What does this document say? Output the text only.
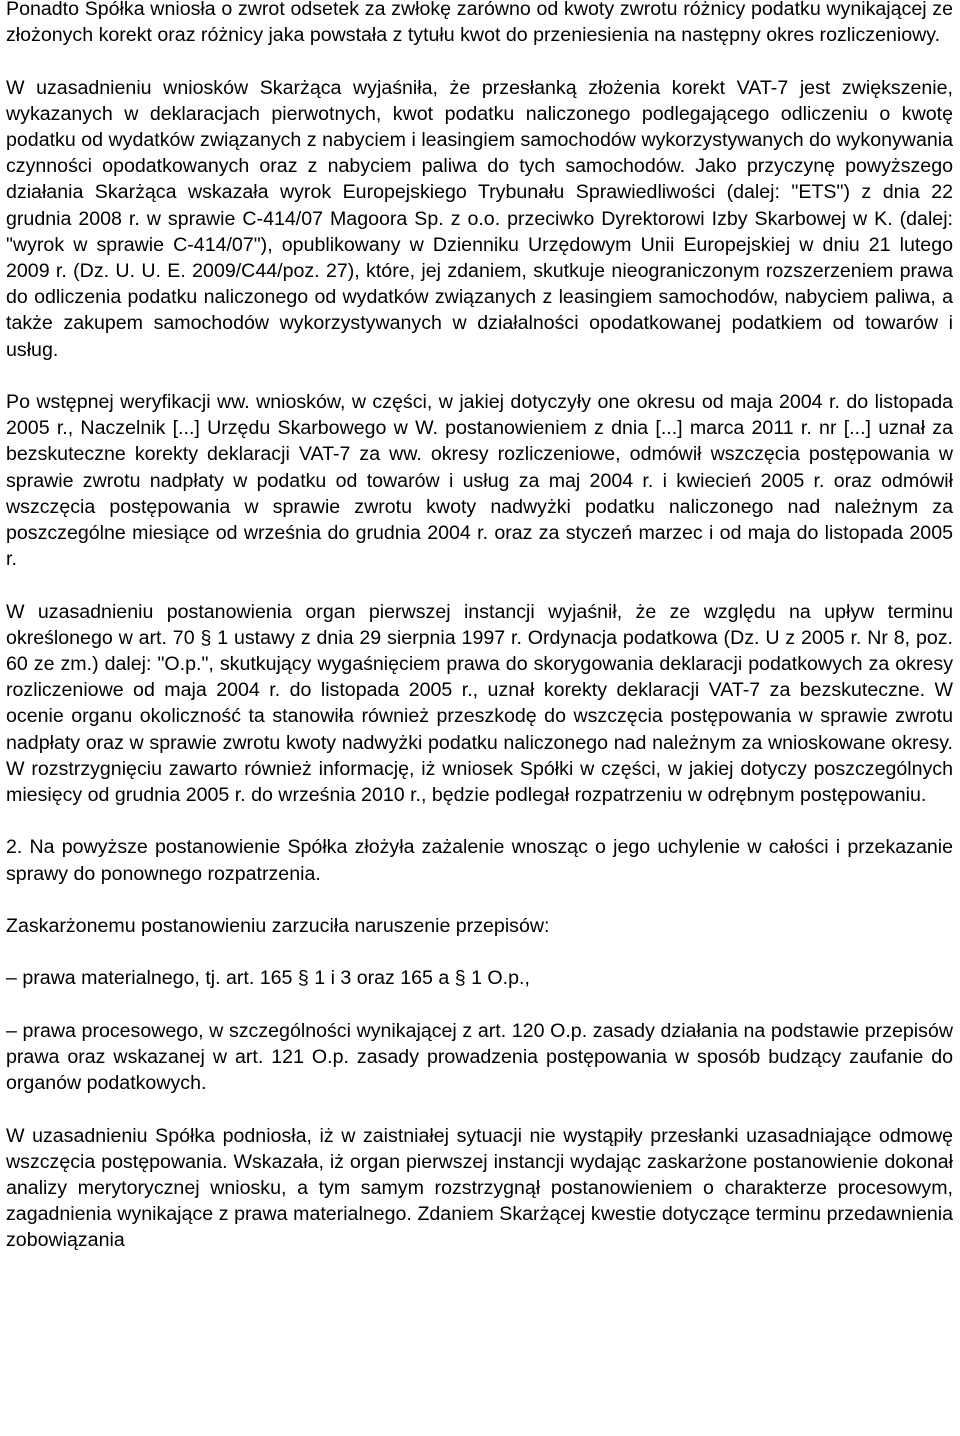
Ponadto Spółka wniosła o zwrot odsetek za zwłokę zarówno od kwoty zwrotu różnicy podatku wynikającej ze złożonych korekt oraz różnicy jaka powstała z tytułu kwot do przeniesienia na następny okres rozliczeniowy.

W uzasadnieniu wniosków Skarżąca wyjaśniła, że przesłanką złożenia korekt VAT-7 jest zwiększenie, wykazanych w deklaracjach pierwotnych, kwot podatku naliczonego podlegającego odliczeniu o kwotę podatku od wydatków związanych z nabyciem i leasingiem samochodów wykorzystywanych do wykonywania czynności opodatkowanych oraz z nabyciem paliwa do tych samochodów. Jako przyczynę powyższego działania Skarżąca wskazała wyrok Europejskiego Trybunału Sprawiedliwości (dalej: "ETS") z dnia 22 grudnia 2008 r. w sprawie C-414/07 Magoora Sp. z o.o. przeciwko Dyrektorowi Izby Skarbowej w K. (dalej: "wyrok w sprawie C-414/07"), opublikowany w Dzienniku Urzędowym Unii Europejskiej w dniu 21 lutego 2009 r. (Dz. U. U. E. 2009/C44/poz. 27), które, jej zdaniem, skutkuje nieograniczonym rozszerzeniem prawa do odliczenia podatku naliczonego od wydatków związanych z leasingiem samochodów, nabyciem paliwa, a także zakupem samochodów wykorzystywanych w działalności opodatkowanej podatkiem od towarów i usług.

Po wstępnej weryfikacji ww. wniosków, w części, w jakiej dotyczyły one okresu od maja 2004 r. do listopada 2005 r., Naczelnik [...] Urzędu Skarbowego w W. postanowieniem z dnia [...] marca 2011 r. nr [...] uznał za bezskuteczne korekty deklaracji VAT-7 za ww. okresy rozliczeniowe, odmówił wszczęcia postępowania w sprawie zwrotu nadpłaty w podatku od towarów i usług za maj 2004 r. i kwiecień 2005 r. oraz odmówił wszczęcia postępowania w sprawie zwrotu kwoty nadwyżki podatku naliczonego nad należnym za poszczególne miesiące od września do grudnia 2004 r. oraz za styczeń marzec i od maja do listopada 2005 r.

W uzasadnieniu postanowienia organ pierwszej instancji wyjaśnił, że ze względu na upływ terminu określonego w art. 70 § 1 ustawy z dnia 29 sierpnia 1997 r. Ordynacja podatkowa (Dz. U z 2005 r. Nr 8, poz. 60 ze zm.) dalej: "O.p.", skutkujący wygaśnięciem prawa do skorygowania deklaracji podatkowych za okresy rozliczeniowe od maja 2004 r. do listopada 2005 r., uznał korekty deklaracji VAT-7 za bezskuteczne. W ocenie organu okoliczność ta stanowiła również przeszkodę do wszczęcia postępowania w sprawie zwrotu nadpłaty oraz w sprawie zwrotu kwoty nadwyżki podatku naliczonego nad należnym za wnioskowane okresy. W rozstrzygnięciu zawarto również informację, iż wniosek Spółki w części, w jakiej dotyczy poszczególnych miesięcy od grudnia 2005 r. do września 2010 r., będzie podlegał rozpatrzeniu w odrębnym postępowaniu.

2. Na powyższe postanowienie Spółka złożyła zażalenie wnosząc o jego uchylenie w całości i przekazanie sprawy do ponownego rozpatrzenia.

Zaskarżonemu postanowieniu zarzuciła naruszenie przepisów:

– prawa materialnego, tj. art. 165 § 1 i 3 oraz 165 a § 1 O.p.,

– prawa procesowego, w szczególności wynikającej z art. 120 O.p. zasady działania na podstawie przepisów prawa oraz wskazanej w art. 121 O.p. zasady prowadzenia postępowania w sposób budzący zaufanie do organów podatkowych.

W uzasadnieniu Spółka podniosła, iż w zaistniałej sytuacji nie wystąpiły przesłanki uzasadniające odmowę wszczęcia postępowania. Wskazała, iż organ pierwszej instancji wydając zaskarżone postanowienie dokonał analizy merytorycznej wniosku, a tym samym rozstrzygnął postanowieniem o charakterze procesowym, zagadnienia wynikające z prawa materialnego. Zdaniem Skarżącej kwestie dotyczące terminu przedawnienia zobowiązania
